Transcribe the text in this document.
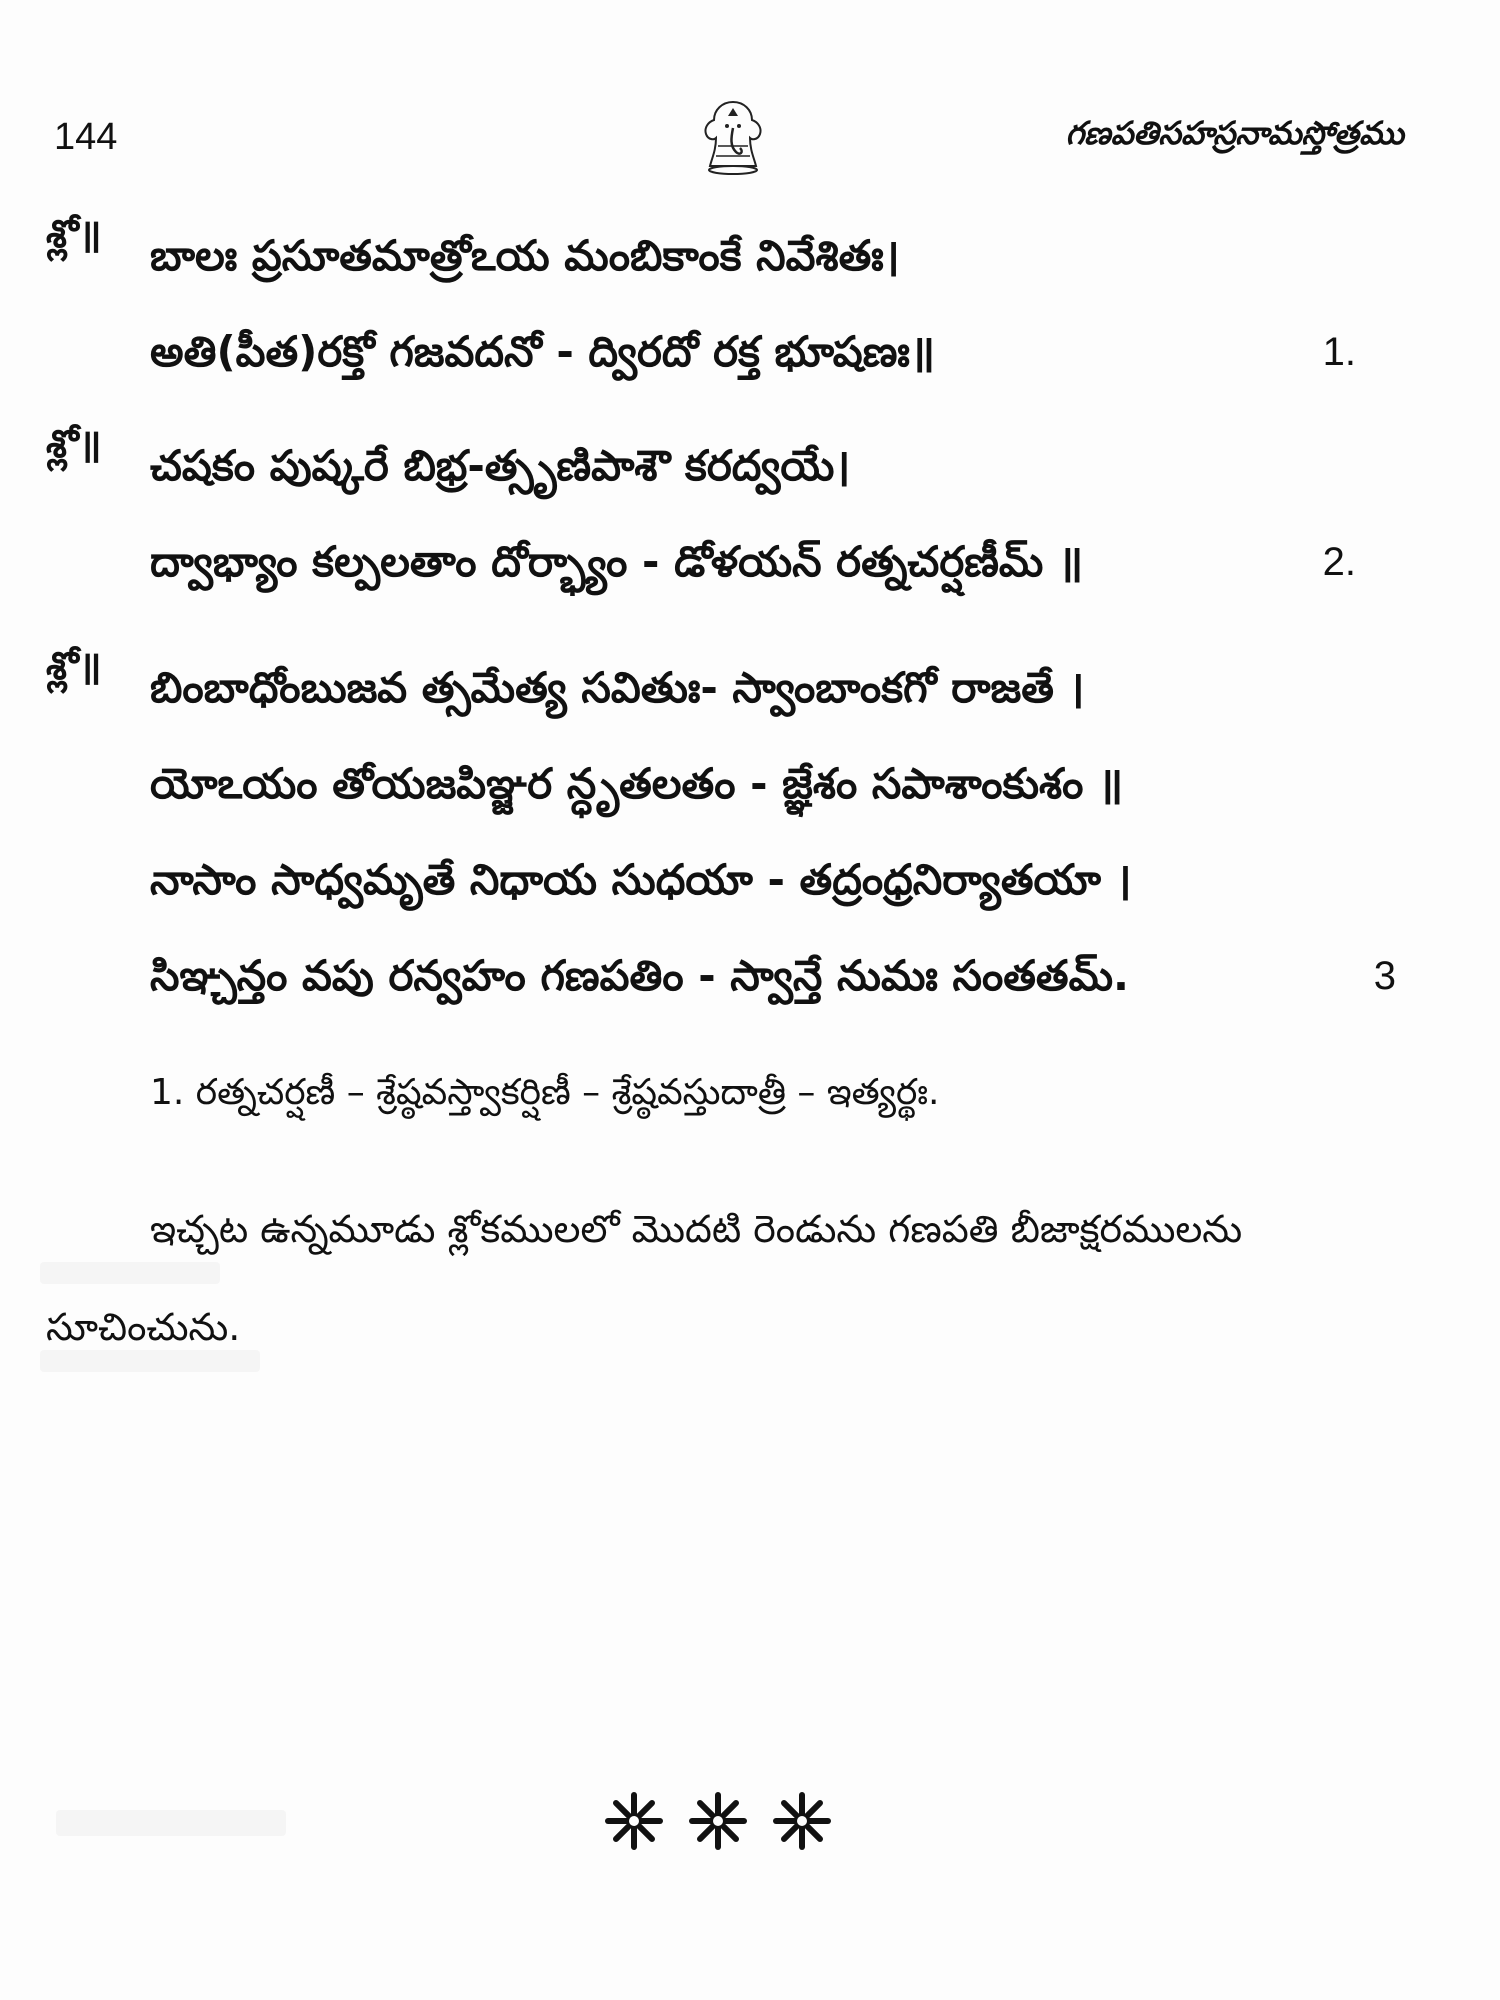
144	గణపతిసహస్రనామస్తోత్రము
శ్లో॥ బాలః ప్రసూతమాత్రోఽయ మంబికాంకే నివేశితః।
అతి(పీత)రక్తో గజవదనో - ద్విరదో రక్త భూషణః॥	1.
శ్లో॥ చషకం పుష్కరే బిభ్ర-త్సృణిపాశౌ కరద్వయే।
ద్వాభ్యాం కల్పలతాం దోర్భ్యాం - డోళయన్ రత్నచర్షణీమ్ ॥	2.
శ్లో॥ బింబాధోంబుజవ త్సమేత్య సవితుః- స్వాంబాంకగో రాజతే ।
యోఽయం తోయజపిఞ్జర న్ధృతలతం - జ్ఞేశం సపాశాంకుశం ॥
నాసాం సాధ్వమృతే నిధాయ సుధయా - తద్రంధ్రనిర్యాతయా ।
సిఞ్చన్తం వపు రన్వహం గణపతిం - స్వాన్తే నుమః సంతతమ్.	3
1. రత్నచర్షణీ – శ్రేష్ఠవస్త్వాకర్షిణీ – శ్రేష్ఠవస్తుదాత్రీ – ఇత్యర్థః.
ఇచ్చట ఉన్నమూడు శ్లోకములలో మొదటి రెండును గణపతి బీజాక్షరములను
సూచించును.
